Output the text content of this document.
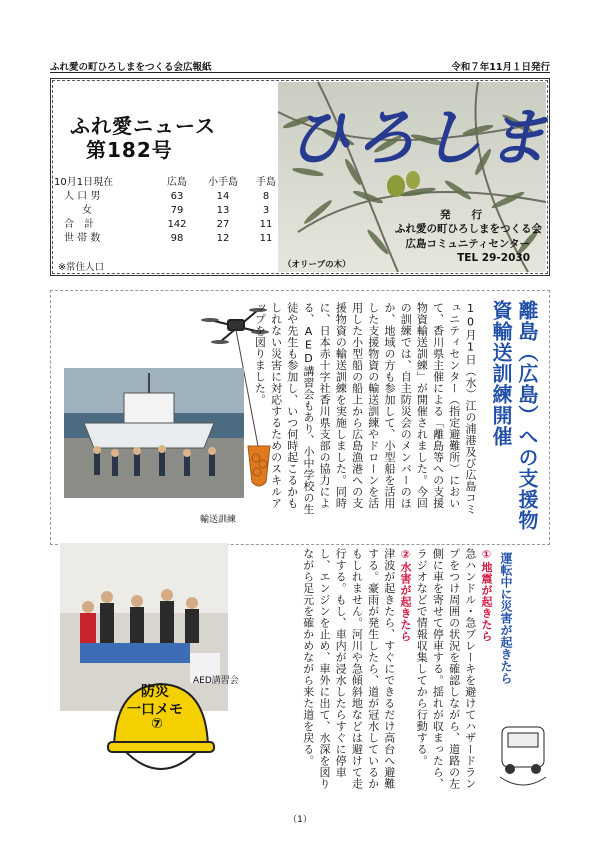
ふれ愛の町ひろしまをつくる会広報紙	令和７年11月１日発行
ふれ愛ニュース
第182号
10月1日現在	広島	小手島	手島	
人 口 男	63	14	8	
女	79	13	3	
合　計	142	27	11	
世 帯 数	98	12	11	
※常住人口
ひろしま
発　　行
ふれ愛の町ひろしまをつくる会
広島コミュニティセンター
TEL 29-2030
（オリーブの木）
輸送訓練
10月1日（水）江の浦港及び広島コミュニティセンター（指定避難所）において、香川県主催による「離島等への支援物資輸送訓練」が開催されました。今回の訓練では、自主防災会のメンバーのほか、地域の方も参加して、小型船を活用した支援物資の輸送訓練やドローンを活用した小型船の船上から広島漁港への支援物資の輸送訓練を実施しました。同時に、日本赤十字社香川県支部の協力による、AED講習会もあり、小中学校の生徒や先生も参加し、いつ何時起こるかもしれない災害に対応するためのスキルアップを図りました。	離島（広島）への支援物資輸送訓練開催
AED講習会
防災
一口メモ
⑦
①地震が起きたら
急ハンドル・急ブレーキを避けてハザードランプをつけ周囲の状況を確認しながら、道路の左側に車を寄せて停車する。揺れが収まったら、ラジオなどで情報収集してから行動する。
②水害が起きたら
津波が起きたら、すぐにできるだけ高台へ避難する。豪雨が発生したら、道が冠水しているかもしれません。河川や急傾斜地などは避けて走行する。もし、車内が浸水したらすぐに停車し、エンジンを止め、車外に出て、水深を図りながら足元を確かめながら来た道を戻る。	運転中に災害が起きたら
（1）
